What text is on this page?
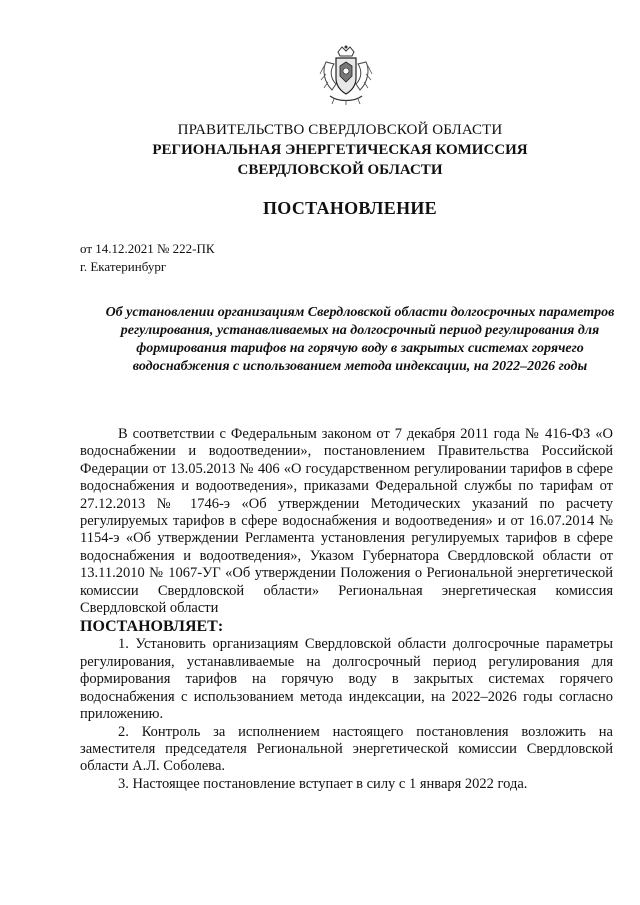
ПРАВИТЕЛЬСТВО СВЕРДЛОВСКОЙ ОБЛАСТИ
РЕГИОНАЛЬНАЯ ЭНЕРГЕТИЧЕСКАЯ КОМИССИЯ
СВЕРДЛОВСКОЙ ОБЛАСТИ
ПОСТАНОВЛЕНИЕ
от 14.12.2021 № 222-ПК
г. Екатеринбург
Об установлении организациям Свердловской области долгосрочных параметров регулирования, устанавливаемых на долгосрочный период регулирования для формирования тарифов на горячую воду в закрытых системах горячего водоснабжения с использованием метода индексации, на 2022–2026 годы

В соответствии с Федеральным законом от 7 декабря 2011 года № 416-ФЗ «О водоснабжении и водоотведении», постановлением Правительства Российской Федерации от 13.05.2013 № 406 «О государственном регулировании тарифов в сфере водоснабжения и водоотведения», приказами Федеральной службы по тарифам от 27.12.2013 № 1746-э «Об утверждении Методических указаний по расчету регулируемых тарифов в сфере водоснабжения и водоотведения» и от 16.07.2014 № 1154-э «Об утверждении Регламента установления регулируемых тарифов в сфере водоснабжения и водоотведения», Указом Губернатора Свердловской области от 13.11.2010 № 1067-УГ «Об утверждении Положения о Региональной энергетической комиссии Свердловской области» Региональная энергетическая комиссия Свердловской области

ПОСТАНОВЛЯЕТ:

1. Установить организациям Свердловской области долгосрочные параметры регулирования, устанавливаемые на долгосрочный период регулирования для формирования тарифов на горячую воду в закрытых системах горячего водоснабжения с использованием метода индексации, на 2022–2026 годы согласно приложению.

2. Контроль за исполнением настоящего постановления возложить на заместителя председателя Региональной энергетической комиссии Свердловской области А.Л. Соболева.

3. Настоящее постановление вступает в силу с 1 января 2022 года.
